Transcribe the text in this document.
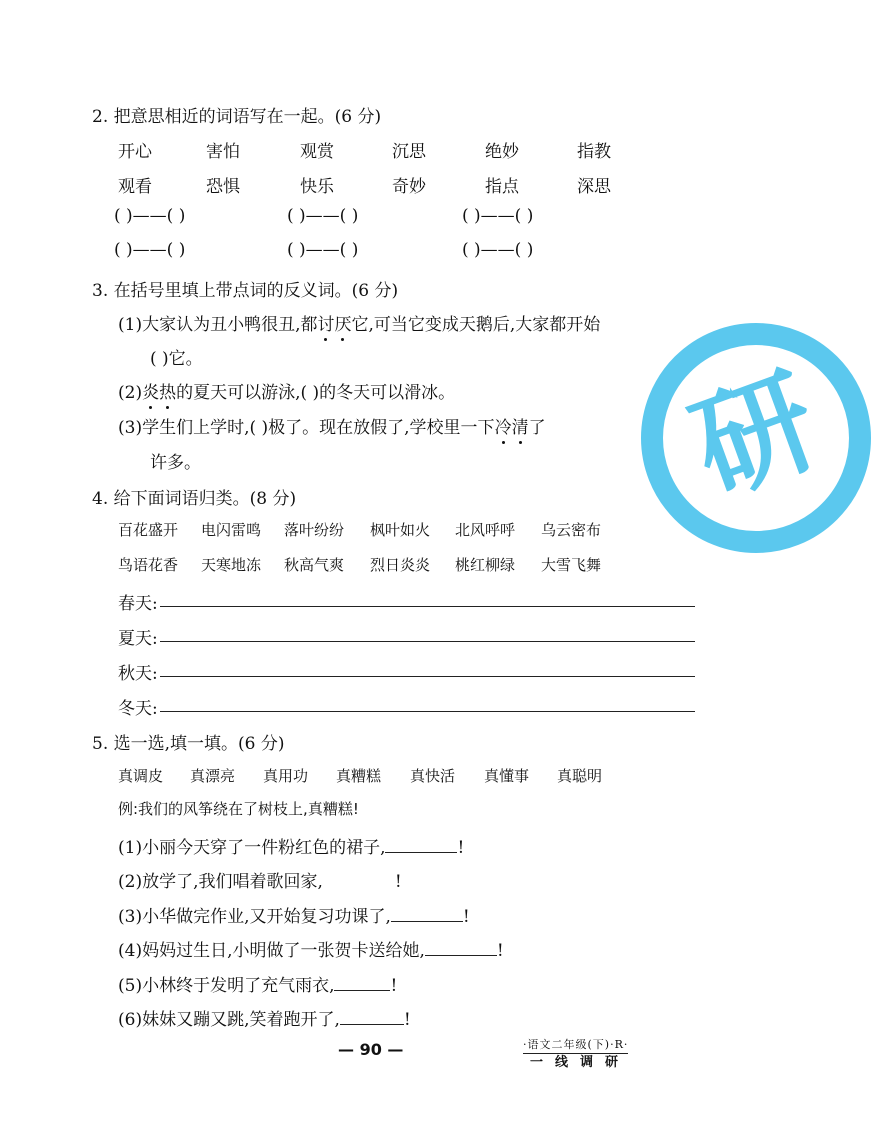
2. 把意思相近的词语写在一起。(6 分)
开心	害怕	观赏	沉思	绝妙	指教
观看	恐惧	快乐	奇妙	指点	深思
( )——( )	( )——( )	( )——( )
( )——( )	( )——( )	( )——( )
3. 在括号里填上带点词的反义词。(6 分)
(1)大家认为丑小鸭很丑,都讨厌它,可当它变成天鹅后,大家都开始
( )它。
(2)炎热的夏天可以游泳,( )的冬天可以滑冰。
(3)学生们上学时,( )极了。现在放假了,学校里一下冷清了
许多。
4. 给下面词语归类。(8 分)
百花盛开 电闪雷鸣 落叶纷纷 枫叶如火 北风呼呼 乌云密布
鸟语花香 天寒地冻 秋高气爽 烈日炎炎 桃红柳绿 大雪飞舞
春天:
夏天:
秋天:
冬天:
5. 选一选,填一填。(6 分)
真调皮 真漂亮 真用功 真糟糕 真快活 真懂事 真聪明
例:我们的风筝绕在了树枝上,真糟糕!
(1)小丽今天穿了一件粉红色的裙子,	!
(2)放学了,我们唱着歌回家,	!
(3)小华做完作业,又开始复习功课了,	!
(4)妈妈过生日,小明做了一张贺卡送给她,	!
(5)小林终于发明了充气雨衣,	!
(6)妹妹又蹦又跳,笑着跑开了,	!
— 90 —	·语文二年级(下)·R·
一线调研
研
